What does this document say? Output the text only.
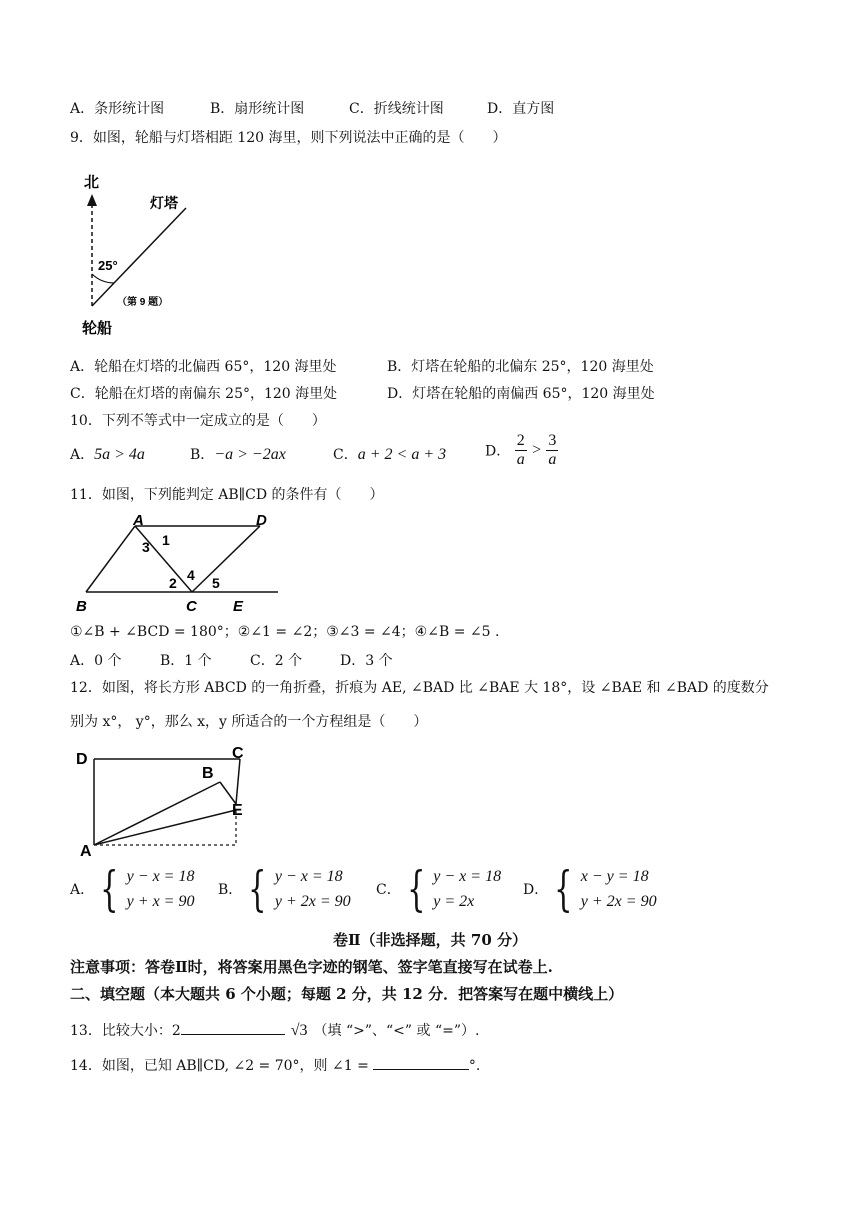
A．条形统计图	B．扇形统计图	C．折线统计图	D．直方图
9．如图，轮船与灯塔相距 120 海里，则下列说法中正确的是（　　）
北
灯塔
25°
（第 9 题）
轮船
A．轮船在灯塔的北偏西 65°，120 海里处	B．灯塔在轮船的北偏东 25°，120 海里处
C．轮船在灯塔的南偏东 25°，120 海里处	D．灯塔在轮船的南偏西 65°，120 海里处
10．下列不等式中一定成立的是（　　）
A．5a > 4a	B．−a > −2ax	C．a + 2 < a + 3	D． $\frac{2}{a} > \frac{3}{a}$
11．如图，下列能判定 AB∥CD 的条件有（　　）
A	D
B	C E
1
3
2 4 5
①∠B + ∠BCD = 180°；②∠1 = ∠2；③∠3 = ∠4；④∠B = ∠5 .
A．0 个	B．1 个	C．2 个	D．3 个
12．如图，将长方形 ABCD 的一角折叠，折痕为 AE, ∠BAD 比 ∠BAE 大 18°，设 ∠BAE 和 ∠BAD 的度数分
别为 x°， y°，那么 x，y 所适合的一个方程组是（　　）
D	C
B
E
A
A． { y − x = 18
y + x = 90
B． { y − x = 18
y + 2x = 90
C． { y − x = 18
y = 2x
D． { x − y = 18
y + 2x = 90
卷Ⅱ（非选择题，共 70 分）
注意事项：答卷Ⅱ时，将答案用黑色字迹的钢笔、签字笔直接写在试卷上.
二、填空题（本大题共 6 个小题；每题 2 分，共 12 分．把答案写在题中横线上）
13．比较大小：2	√3 （填 “>”、“<” 或 “=”）.
14．如图，已知 AB∥CD, ∠2 = 70°，则 ∠1 =	°.
